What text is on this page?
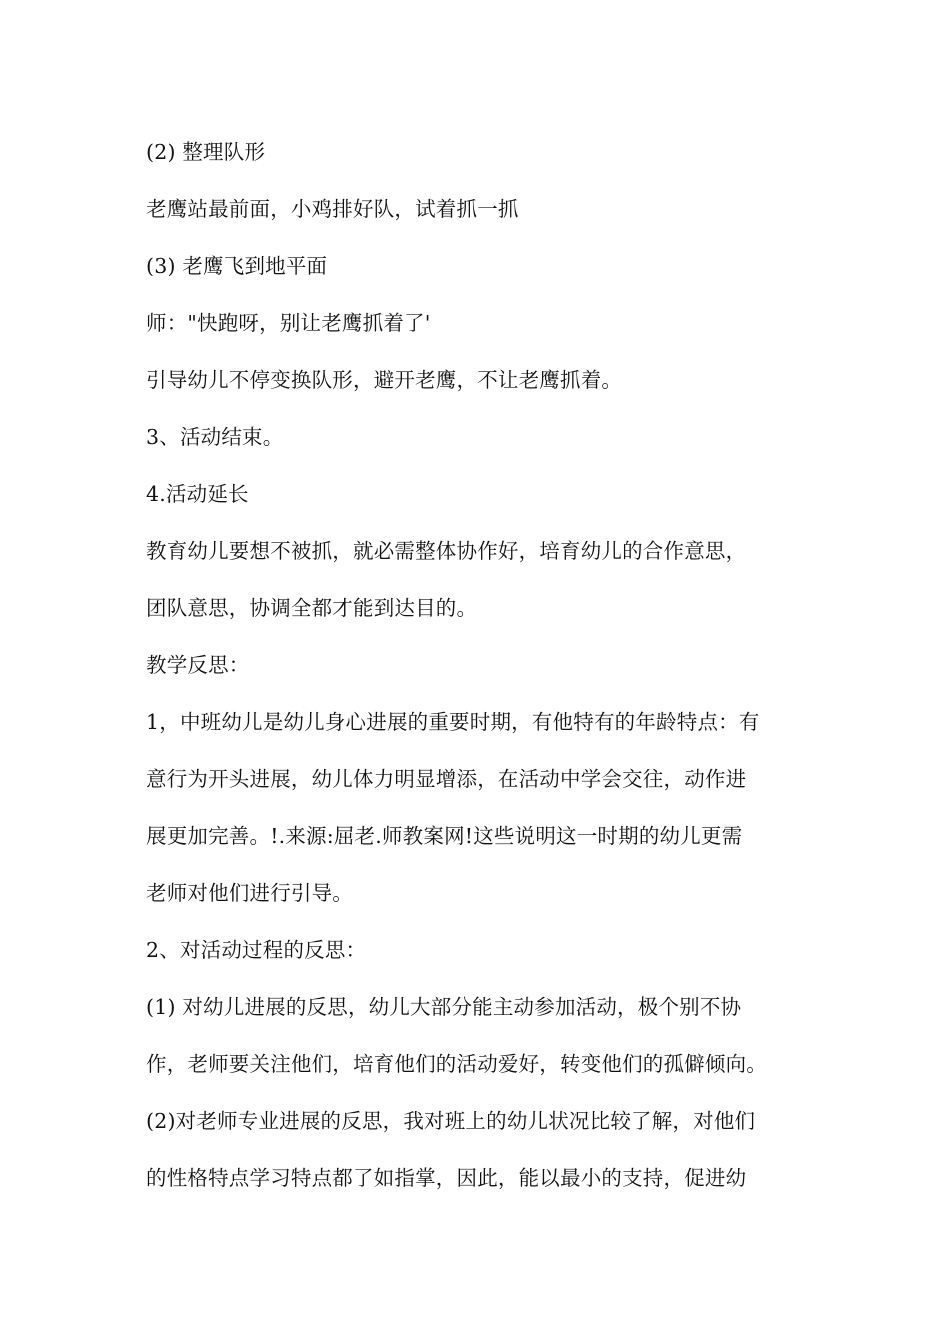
(2) 整理队形
老鹰站最前面，小鸡排好队，试着抓一抓
(3) 老鹰飞到地平面
师："快跑呀，别让老鹰抓着了'
引导幼儿不停变换队形，避开老鹰，不让老鹰抓着。
3、活动结束。
4.活动延长
教育幼儿要想不被抓，就必需整体协作好，培育幼儿的合作意思，
团队意思，协调全都才能到达目的。
教学反思：
1，中班幼儿是幼儿身心进展的重要时期，有他特有的年龄特点：有
意行为开头进展，幼儿体力明显增添，在活动中学会交往，动作进
展更加完善。!.来源:屈老.师教案网!这些说明这一时期的幼儿更需
老师对他们进行引导。
2、对活动过程的反思：
(1) 对幼儿进展的反思，幼儿大部分能主动参加活动，极个别不协
作，老师要关注他们，培育他们的活动爱好，转变他们的孤僻倾向。
(2)对老师专业进展的反思，我对班上的幼儿状况比较了解，对他们
的性格特点学习特点都了如指掌，因此，能以最小的支持，促进幼
